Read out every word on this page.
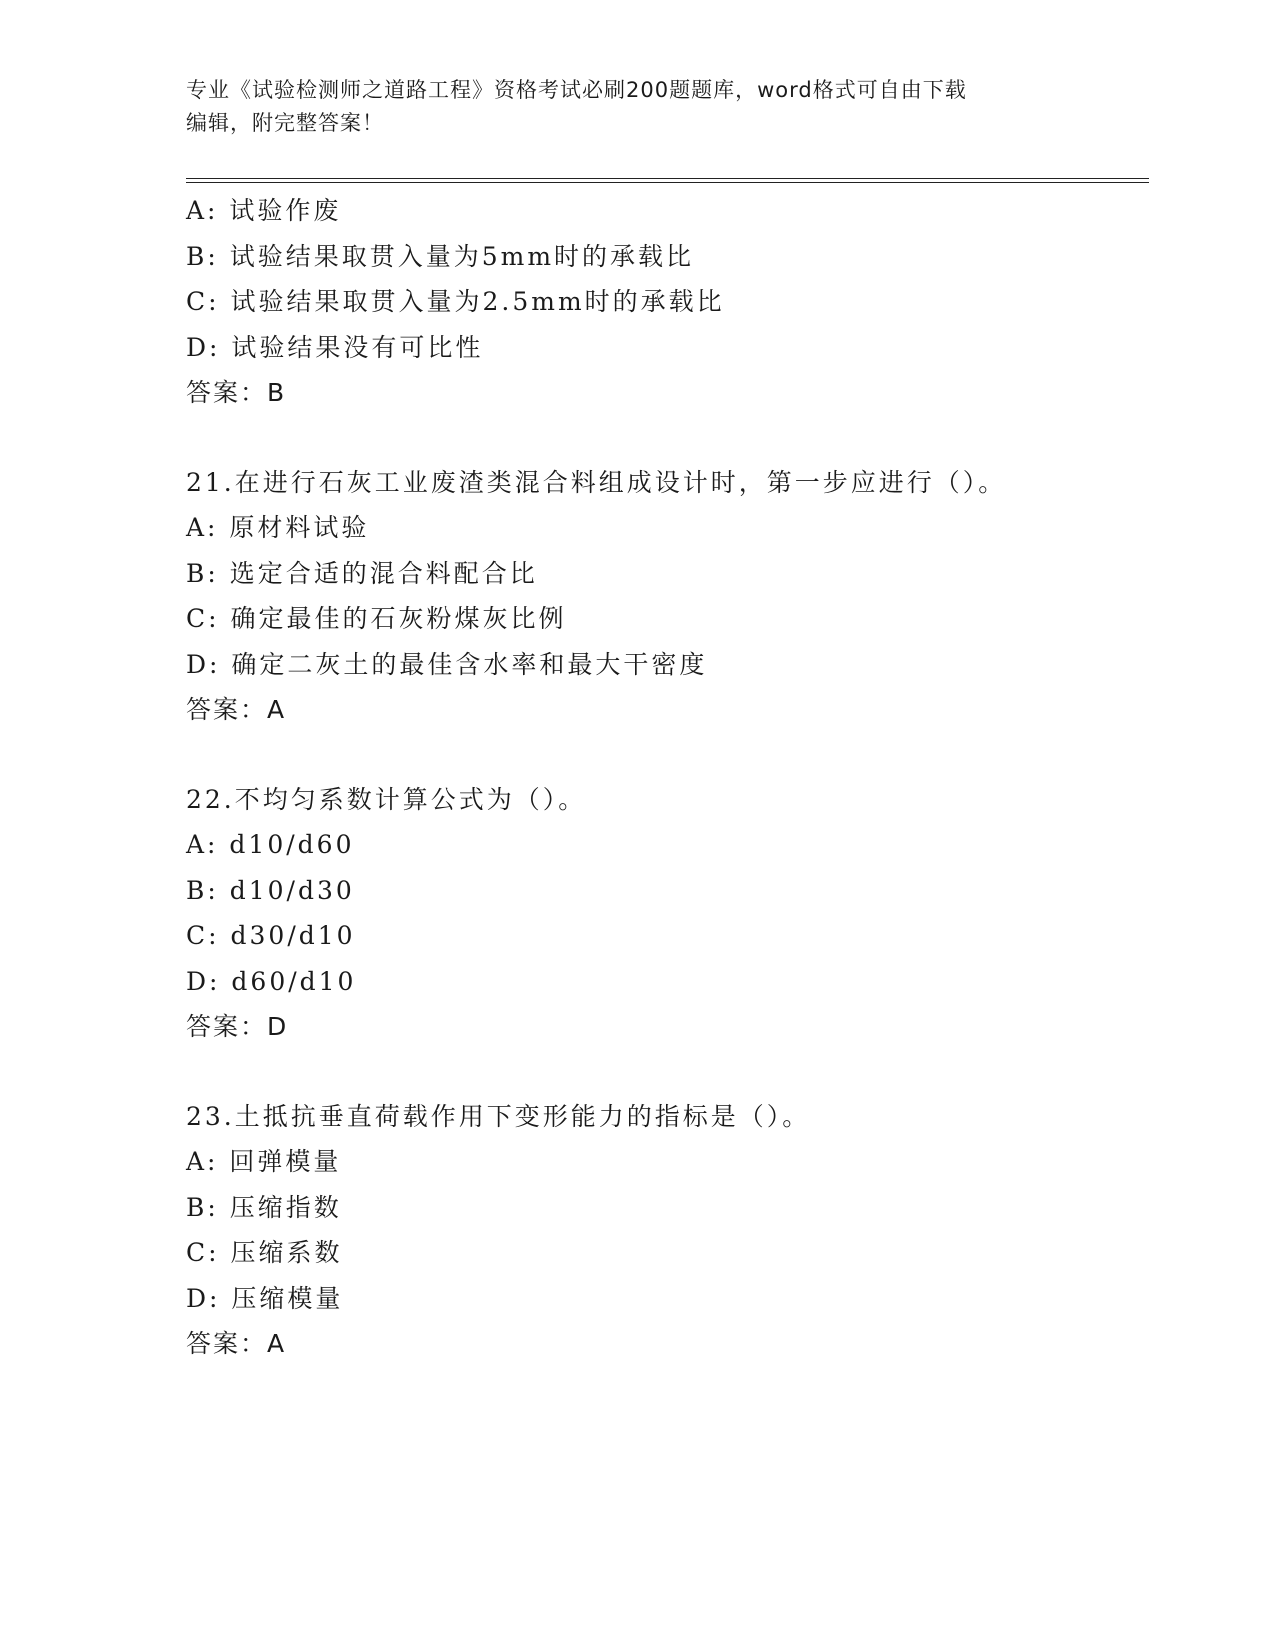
专业《试验检测师之道路工程》资格考试必刷200题题库，word格式可自由下载
编辑，附完整答案！
A: 试验作废
B: 试验结果取贯入量为5mm时的承载比
C: 试验结果取贯入量为2.5mm时的承载比
D: 试验结果没有可比性
答案：B
21.在进行石灰工业废渣类混合料组成设计时，第一步应进行（）。
A: 原材料试验
B: 选定合适的混合料配合比
C: 确定最佳的石灰粉煤灰比例
D: 确定二灰土的最佳含水率和最大干密度
答案：A
22.不均匀系数计算公式为（）。
A: d10/d60
B: d10/d30
C: d30/d10
D: d60/d10
答案：D
23.土抵抗垂直荷载作用下变形能力的指标是（）。
A: 回弹模量
B: 压缩指数
C: 压缩系数
D: 压缩模量
答案：A
